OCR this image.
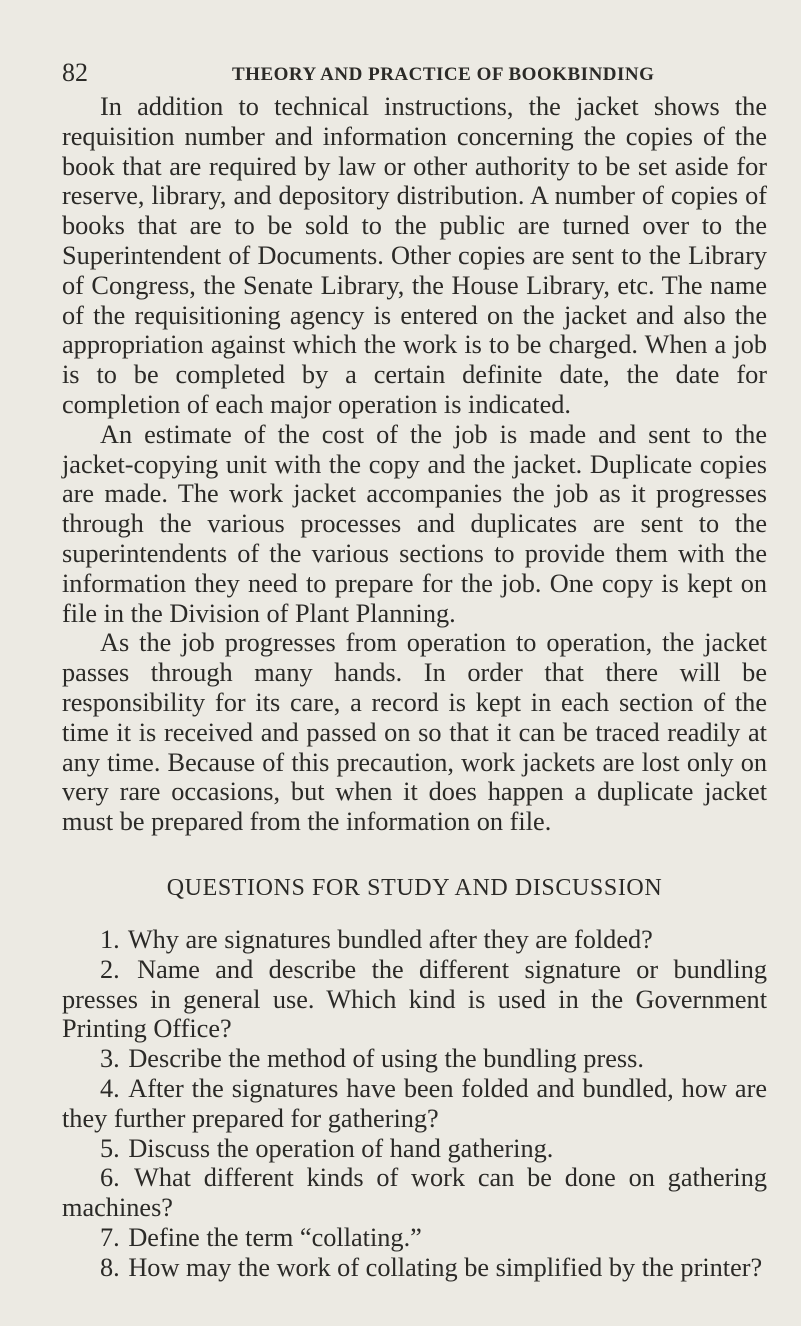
82	THEORY AND PRACTICE OF BOOKBINDING

In addition to technical instructions, the jacket shows the requisition number and information concerning the copies of the book that are required by law or other authority to be set aside for reserve, library, and depository distribution. A number of copies of books that are to be sold to the public are turned over to the Superintendent of Documents. Other copies are sent to the Library of Congress, the Senate Library, the House Library, etc. The name of the requisitioning agency is entered on the jacket and also the appropriation against which the work is to be charged. When a job is to be completed by a certain definite date, the date for completion of each major operation is indicated.

An estimate of the cost of the job is made and sent to the jacket-copying unit with the copy and the jacket. Duplicate copies are made. The work jacket accompanies the job as it progresses through the various processes and duplicates are sent to the superintendents of the various sections to provide them with the information they need to prepare for the job. One copy is kept on file in the Division of Plant Planning.

As the job progresses from operation to operation, the jacket passes through many hands. In order that there will be responsibility for its care, a record is kept in each section of the time it is received and passed on so that it can be traced readily at any time. Because of this precaution, work jackets are lost only on very rare occasions, but when it does happen a duplicate jacket must be prepared from the information on file.

QUESTIONS FOR STUDY AND DISCUSSION
1. Why are signatures bundled after they are folded?
2. Name and describe the different signature or bundling presses in general use. Which kind is used in the Government Printing Office?
3. Describe the method of using the bundling press.
4. After the signatures have been folded and bundled, how are they further prepared for gathering?
5. Discuss the operation of hand gathering.
6. What different kinds of work can be done on gathering machines?
7. Define the term “collating.”
8. How may the work of collating be simplified by the printer?
